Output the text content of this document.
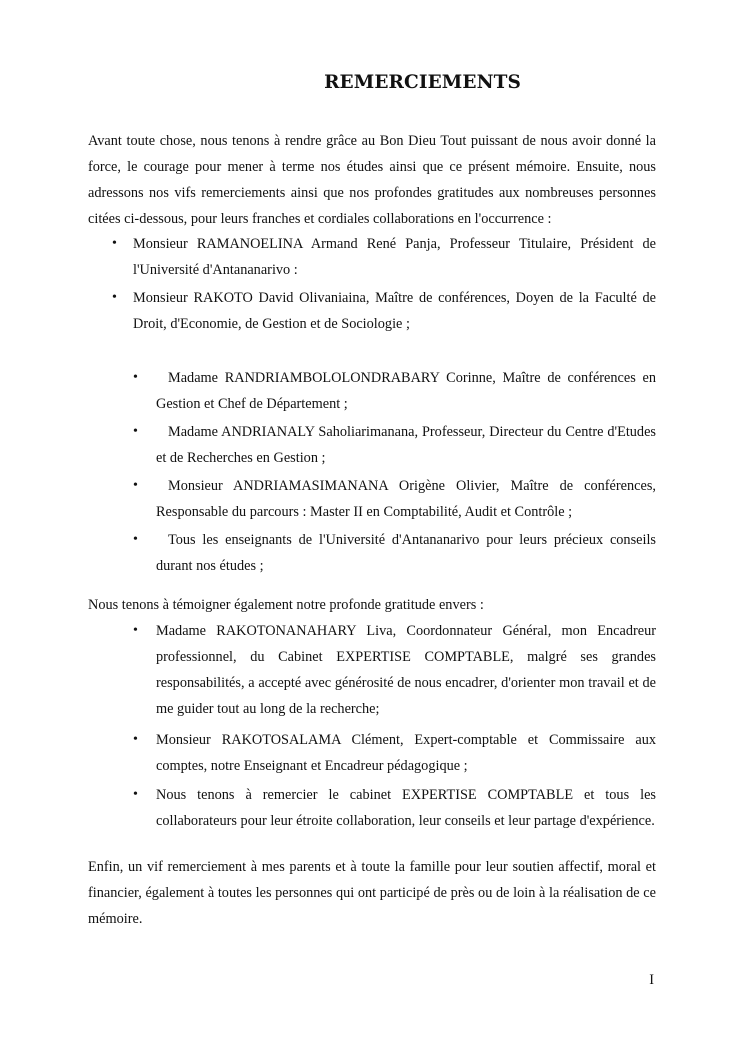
REMERCIEMENTS

Avant toute chose, nous tenons à rendre grâce au Bon Dieu Tout puissant de nous avoir donné la force, le courage pour mener à terme nos études ainsi que ce présent mémoire. Ensuite, nous adressons nos vifs remerciements ainsi que nos profondes gratitudes aux nombreuses personnes citées ci-dessous, pour leurs franches et cordiales collaborations en l'occurrence :

• Monsieur RAMANOELINA Armand René Panja, Professeur Titulaire, Président de l'Université d'Antananarivo :
• Monsieur RAKOTO David Olivaniaina, Maître de conférences, Doyen de la Faculté de Droit, d'Economie, de Gestion et de Sociologie ;
•	Madame RANDRIAMBOLOLONDRABARY Corinne, Maître de conférences en Gestion et Chef de Département ;
•	Madame ANDRIANALY Saholiarimanana, Professeur, Directeur du Centre d'Etudes et de Recherches en Gestion ;
•	Monsieur ANDRIAMASIMANANA Origène Olivier, Maître de conférences, Responsable du parcours : Master II en Comptabilité, Audit et Contrôle ;
•	Tous les enseignants de l'Université d'Antananarivo pour leurs précieux conseils durant nos études ;

Nous tenons à témoigner également notre profonde gratitude envers :

• Madame RAKOTONANAHARY Liva, Coordonnateur Général, mon Encadreur professionnel, du Cabinet EXPERTISE COMPTABLE, malgré ses grandes responsabilités, a accepté avec générosité de nous encadrer, d'orienter mon travail et de me guider tout au long de la recherche;
• Monsieur RAKOTOSALAMA Clément, Expert-comptable et Commissaire aux comptes, notre Enseignant et Encadreur pédagogique ;
• Nous tenons à remercier le cabinet EXPERTISE COMPTABLE et tous les collaborateurs pour leur étroite collaboration, leur conseils et leur partage d'expérience.

Enfin, un vif remerciement à mes parents et à toute la famille pour leur soutien affectif, moral et financier, également à toutes les personnes qui ont participé de près ou de loin à la réalisation de ce mémoire.

I
